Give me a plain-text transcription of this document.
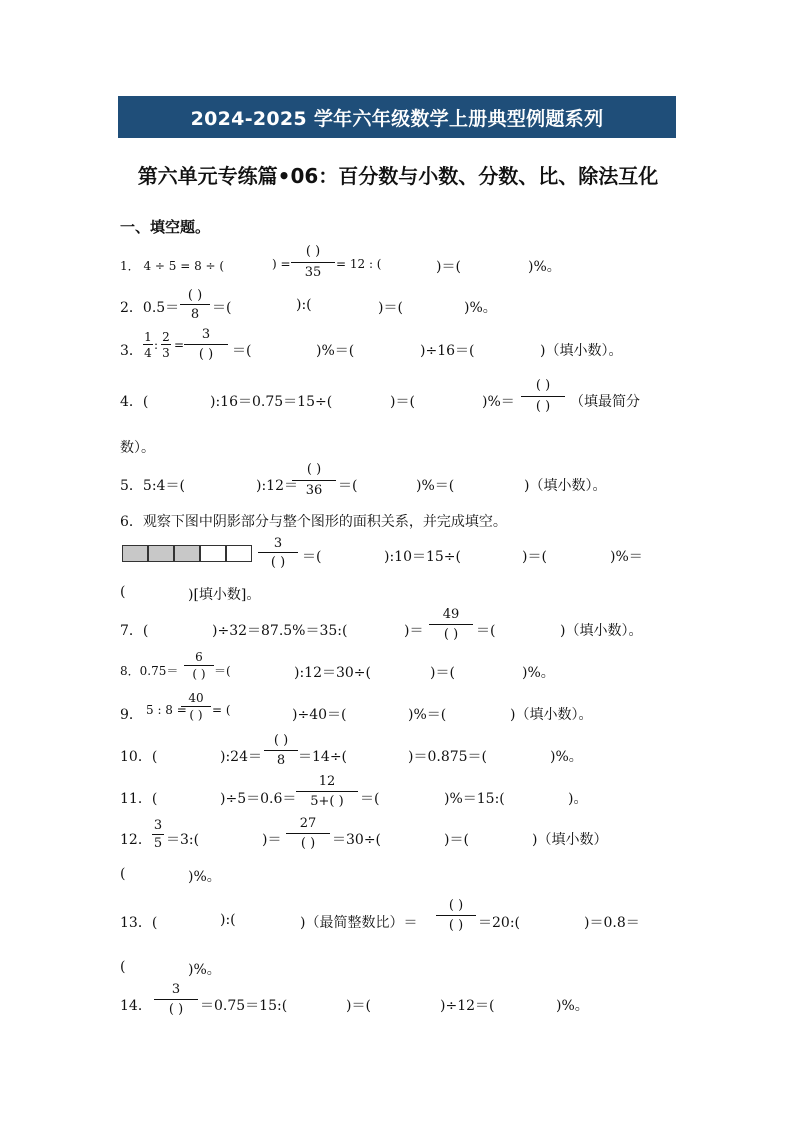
2024-2025 学年六年级数学上册典型例题系列
第六单元专练篇•06：百分数与小数、分数、比、除法互化
一、填空题。
1． 4 ÷ 5 = 8 ÷ (	) =
( )
35
= 12 : (	)＝(	)%。
2．0.5＝
( )
8 ＝(	):(	)＝(	)%。
3．
1
4
:
2
3
=
3
( )	＝(	)%＝(	)÷16＝(	)（填小数）。
4．(	):16＝0.75＝15÷(	)＝(	)%＝
( )
( )	（填最简分
数）。
5．5:4＝(	):12＝
( )
36	＝(	)%＝(	)（填小数）。
6．观察下图中阴影部分与整个图形的面积关系，并完成填空。
3
( )	＝(	):10＝15÷(	)＝(	)%＝
(	)[填小数]。
7．(	)÷32＝87.5%＝35:(	)＝
49
( )	＝(	)（填小数）。
8．0.75＝
6
( ) ＝(	):12＝30÷(	)＝(	)%。
9． 5 : 8 =
40
( ) = (	)÷40＝(	)%＝(	)（填小数）。
10．(	):24＝
( )
8 ＝14÷(	)＝0.875＝(	)%。
11．(	)÷5＝0.6＝
12
5+( )	＝(	)%＝15:(	)。
12．
3
5 ＝3:(	)＝
27
( )	＝30÷(	)＝(	)（填小数）
(	)%。
13．(	):(	)（最简整数比）＝
( )
( )	＝20:(	)＝0.8＝
(	)%。
14．
3
( )	＝0.75＝15:(	)＝(	)÷12＝(	)%。
